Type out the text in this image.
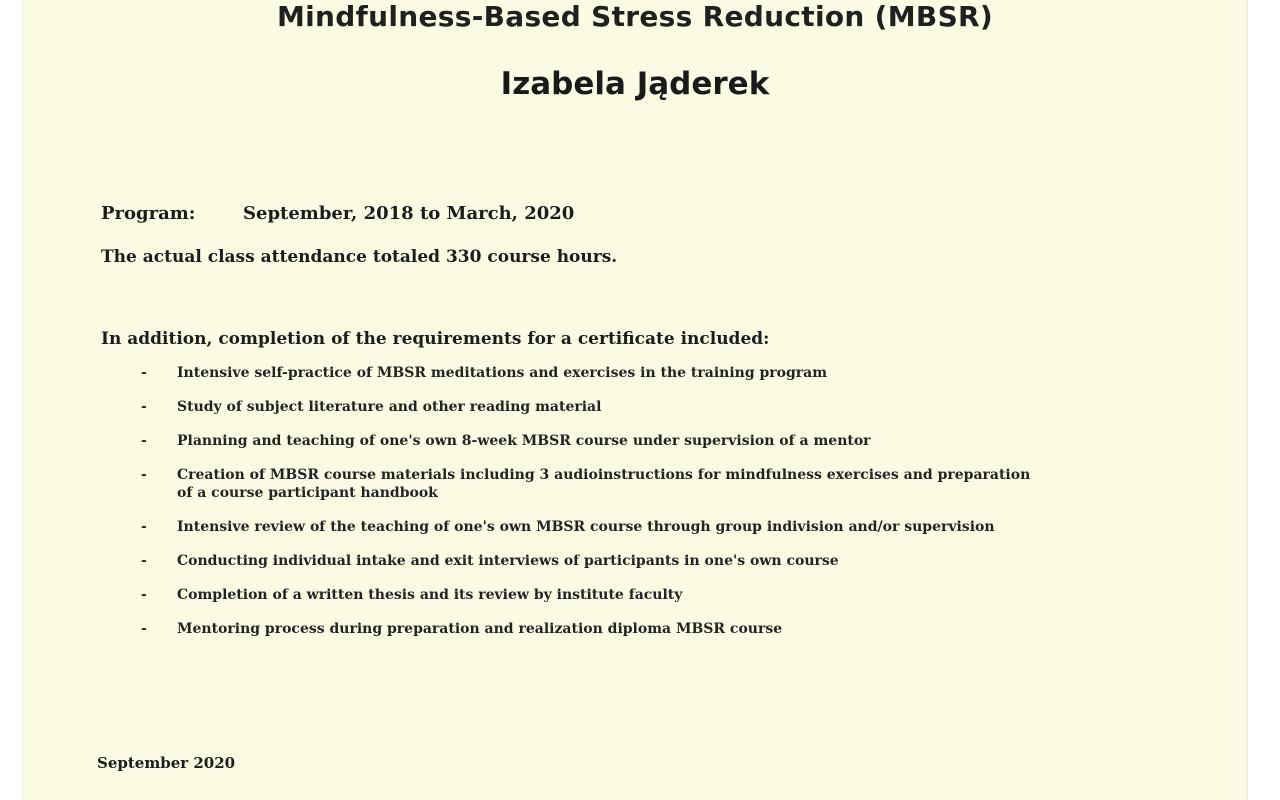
Mindfulness-Based Stress Reduction (MBSR)
Izabela Jąderek
Program:	September, 2018 to March, 2020
The actual class attendance totaled 330 course hours.
In addition, completion of the requirements for a certificate included:
-	Intensive self-practice of MBSR meditations and exercises in the training program
-	Study of subject literature and other reading material
-	Planning and teaching of one's own 8-week MBSR course under supervision of a mentor
-	Creation of MBSR course materials including 3 audioinstructions for mindfulness exercises and preparation of a course participant handbook
-	Intensive review of the teaching of one's own MBSR course through group indivision and/or supervision
-	Conducting individual intake and exit interviews of participants in one's own course
-	Completion of a written thesis and its review by institute faculty
-	Mentoring process during preparation and realization diploma MBSR course
September 2020
